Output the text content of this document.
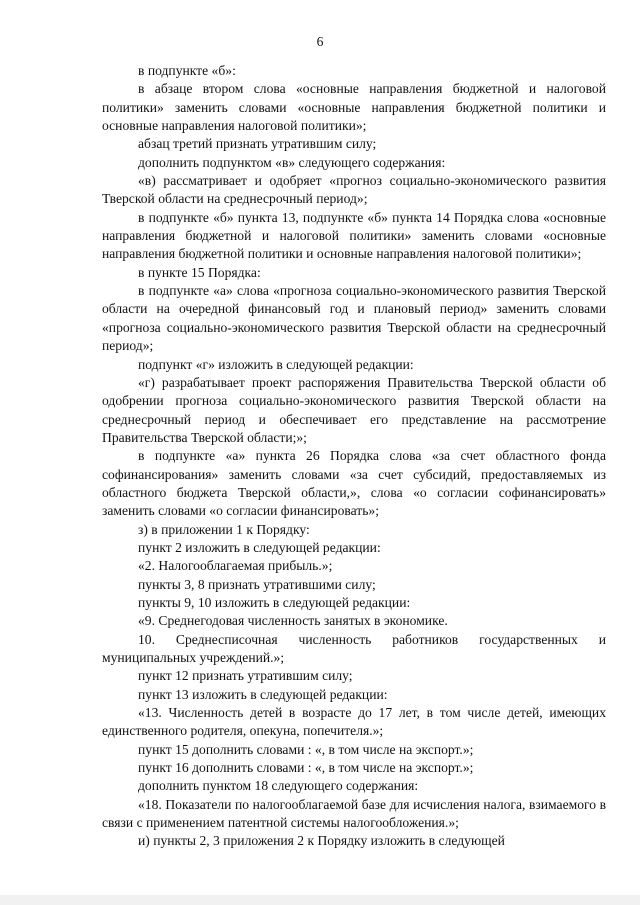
6

в подпункте «б»:

в абзаце втором слова «основные направления бюджетной и налоговой политики» заменить словами «основные направления бюджетной политики и основные направления налоговой политики»;

абзац третий признать утратившим силу;

дополнить подпунктом «в» следующего содержания:

«в) рассматривает и одобряет «прогноз социально-экономического развития Тверской области на среднесрочный период»;

в подпункте «б» пункта 13, подпункте «б» пункта 14 Порядка слова «основные направления бюджетной и налоговой политики» заменить словами «основные направления бюджетной политики и основные направления налоговой политики»;

в пункте 15 Порядка:

в подпункте «а» слова «прогноза социально-экономического развития Тверской области на очередной финансовый год и плановый период» заменить словами «прогноза социально-экономического развития Тверской области на среднесрочный период»;

подпункт «г» изложить в следующей редакции:

«г) разрабатывает проект распоряжения Правительства Тверской области об одобрении прогноза социально-экономического развития Тверской области на среднесрочный период и обеспечивает его представление на рассмотрение Правительства Тверской области;»;

в подпункте «а» пункта 26 Порядка слова «за счет областного фонда софинансирования» заменить словами «за счет субсидий, предоставляемых из областного бюджета Тверской области,», слова «о согласии софинансировать» заменить словами «о согласии финансировать»;

з) в приложении 1 к Порядку:

пункт 2 изложить в следующей редакции:

«2. Налогооблагаемая прибыль.»;

пункты 3, 8 признать утратившими силу;

пункты 9, 10 изложить в следующей редакции:

«9. Среднегодовая численность занятых в экономике.

10. Среднесписочная численность работников государственных и муниципальных учреждений.»;

пункт 12 признать утратившим силу;

пункт 13 изложить в следующей редакции:

«13. Численность детей в возрасте до 17 лет, в том числе детей, имеющих единственного родителя, опекуна, попечителя.»;

пункт 15 дополнить словами : «, в том числе на экспорт.»;

пункт 16 дополнить словами : «, в том числе на экспорт.»;

дополнить пунктом 18 следующего содержания:

«18. Показатели по налогооблагаемой базе для исчисления налога, взимаемого в связи с применением патентной системы налогообложения.»;

и) пункты 2, 3 приложения 2 к Порядку изложить в следующей
